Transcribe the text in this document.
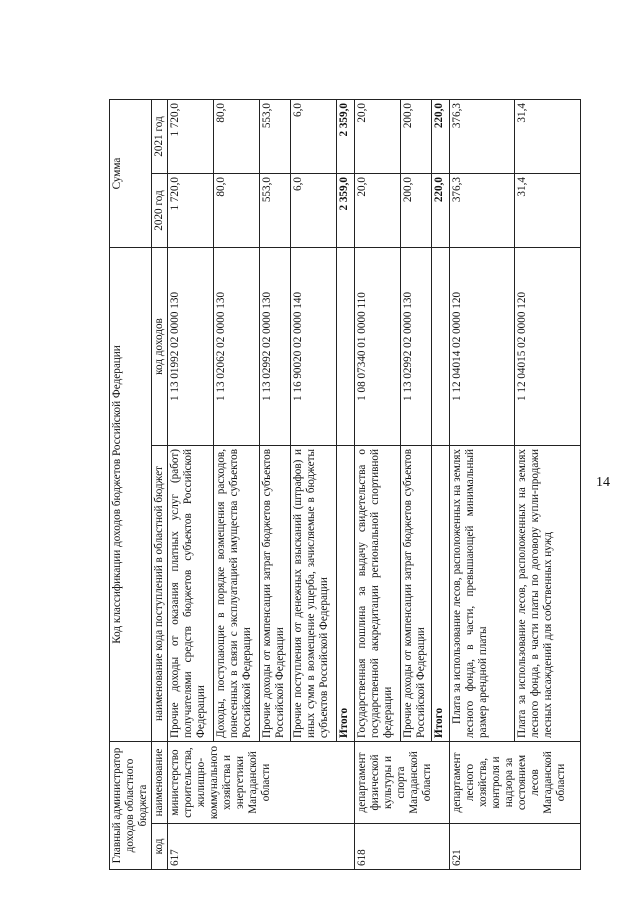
14
Главный администратор доходов областного бюджета		Код классификации доходов бюджетов Российской Федерации		Сумма	
код	наименование	наименование кода поступлений в областной бюджет	код доходов	2020 год	2021 год
617	министерство строительства, жилищно-коммунального хозяйства и энергетики Магаданской области	Прочие доходы от оказания платных услуг (работ) получателями средств бюджетов субъектов Российской Федерации	1 13 01992 02 0000 130	1 720,0	1 720,0
		Доходы, поступающие в порядке возмещения расходов, понесенных в связи с эксплуатацией имущества субъектов Российской Федерации	1 13 02062 02 0000 130	80,0	80,0
		Прочие доходы от компенсации затрат бюджетов субъектов Российской Федерации	1 13 02992 02 0000 130	553,0	553,0
		Прочие поступления от денежных взысканий (штрафов) и иных сумм в возмещение ущерба, зачисляемые в бюджеты субъектов Российской Федерации	1 16 90020 02 0000 140	6,0	6,0
		Итого		2 359,0	2 359,0
618	департамент физической культуры и спорта Магаданской области	Государственная пошлина за выдачу свидетельства о государственной аккредитации региональной спортивной федерации	1 08 07340 01 0000 110	20,0	20,0
		Прочие доходы от компенсации затрат бюджетов субъектов Российской Федерации	1 13 02992 02 0000 130	200,0	200,0
		Итого		220,0	220,0
621	департамент лесного хозяйства, контроля и надзора за состоянием лесов Магаданской области	Плата за использование лесов, расположенных на землях лесного фонда, в части, превышающей минимальный размер арендной платы	1 12 04014 02 0000 120	376,3	376,3
		Плата за использование лесов, расположенных на землях лесного фонда, в части платы по договору купли-продажи лесных насаждений для собственных нужд	1 12 04015 02 0000 120	31,4	31,4
